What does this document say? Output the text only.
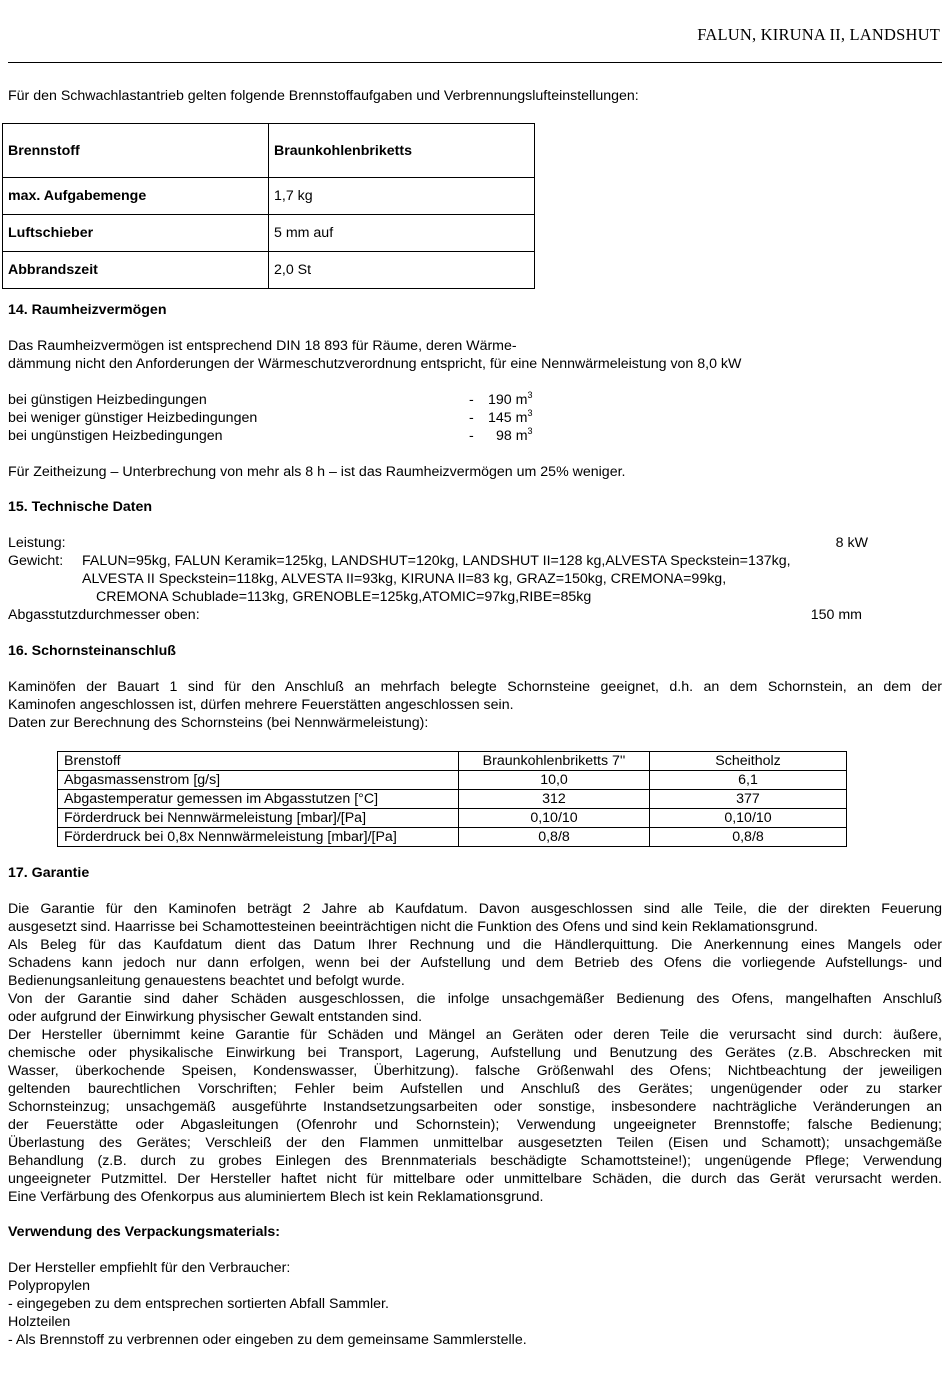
FALUN, KIRUNA II, LANDSHUT
Für den Schwachlastantrieb gelten folgende Brennstoffaufgaben und Verbrennungslufteinstellungen:
Brennstoff	Braunkohlenbriketts
max. Aufgabemenge	1,7 kg
Luftschieber	5 mm auf
Abbrandszeit	2,0 St
14. Raumheizvermögen
Das Raumheizvermögen ist entsprechend DIN 18 893 für Räume, deren Wärme-
dämmung nicht den Anforderungen der Wärmeschutzverordnung entspricht, für eine Nennwärmeleistung von 8,0 kW
bei günstigen Heizbedingungen	- 190 $m^3$
bei weniger günstiger Heizbedingungen	- 145 $m^3$
bei ungünstigen Heizbedingungen	- 98 $m^3$
Für Zeitheizung – Unterbrechung von mehr als 8 h – ist das Raumheizvermögen um 25% weniger.
15. Technische Daten
Leistung:	8 kW
Gewicht: FALUN=95kg, FALUN Keramik=125kg, LANDSHUT=120kg, LANDSHUT II=128 kg,ALVESTA Speckstein=137kg,
ALVESTA II Speckstein=118kg, ALVESTA II=93kg, KIRUNA II=83 kg, GRAZ=150kg, CREMONA=99kg,
CREMONA Schublade=113kg, GRENOBLE=125kg,ATOMIC=97kg,RIBE=85kg
Abgasstutzdurchmesser oben:	150 mm
16. Schornsteinanschluß
Kaminöfen der Bauart 1 sind für den Anschluß an mehrfach belegte Schornsteine geeignet, d.h. an dem Schornstein, an dem der
Kaminofen angeschlossen ist, dürfen mehrere Feuerstätten angeschlossen sein.
Daten zur Berechnung des Schornsteins (bei Nennwärmeleistung):
Brenstoff	Braunkohlenbriketts 7''	Scheitholz
Abgasmassenstrom [g/s]	10,0	6,1
Abgastemperatur gemessen im Abgasstutzen [°C]	312	377
Förderdruck bei Nennwärmeleistung [mbar]/[Pa]	0,10/10	0,10/10
Förderdruck bei 0,8x Nennwärmeleistung [mbar]/[Pa]	0,8/8	0,8/8
17. Garantie
Die Garantie für den Kaminofen beträgt 2 Jahre ab Kaufdatum. Davon ausgeschlossen sind alle Teile, die der direkten Feuerung
ausgesetzt sind. Haarrisse bei Schamottesteinen beeinträchtigen nicht die Funktion des Ofens und sind kein Reklamationsgrund.
Als Beleg für das Kaufdatum dient das Datum Ihrer Rechnung und die Händlerquittung. Die Anerkennung eines Mangels oder
Schadens kann jedoch nur dann erfolgen, wenn bei der Aufstellung und dem Betrieb des Ofens die vorliegende Aufstellungs- und
Bedienungsanleitung genauestens beachtet und befolgt wurde.
Von der Garantie sind daher Schäden ausgeschlossen, die infolge unsachgemäßer Bedienung des Ofens, mangelhaften Anschluß
oder aufgrund der Einwirkung physischer Gewalt entstanden sind.
Der Hersteller übernimmt keine Garantie für Schäden und Mängel an Geräten oder deren Teile die verursacht sind durch: äußere,
chemische oder physikalische Einwirkung bei Transport, Lagerung, Aufstellung und Benutzung des Gerätes (z.B. Abschrecken mit
Wasser, überkochende Speisen, Kondenswasser, Überhitzung). falsche Größenwahl des Ofens; Nichtbeachtung der jeweiligen
geltenden baurechtlichen Vorschriften; Fehler beim Aufstellen und Anschluß des Gerätes; ungenügender oder zu starker
Schornsteinzug; unsachgemäß ausgeführte Instandsetzungsarbeiten oder sonstige, insbesondere nachträgliche Veränderungen an
der Feuerstätte oder Abgasleitungen (Ofenrohr und Schornstein); Verwendung ungeeigneter Brennstoffe; falsche Bedienung;
Überlastung des Gerätes; Verschleiß der den Flammen unmittelbar ausgesetzten Teilen (Eisen und Schamott); unsachgemäße
Behandlung (z.B. durch zu grobes Einlegen des Brennmaterials beschädigte Schamottsteine!); ungenügende Pflege; Verwendung
ungeeigneter Putzmittel. Der Hersteller haftet nicht für mittelbare oder unmittelbare Schäden, die durch das Gerät verursacht werden.
Eine Verfärbung des Ofenkorpus aus aluminiertem Blech ist kein Reklamationsgrund.
Verwendung des Verpackungsmaterials:
Der Hersteller empfiehlt für den Verbraucher:
Polypropylen
- eingegeben zu dem entsprechen sortierten Abfall Sammler.
Holzteilen
- Als Brennstoff zu verbrennen oder eingeben zu dem gemeinsame Sammlerstelle.
